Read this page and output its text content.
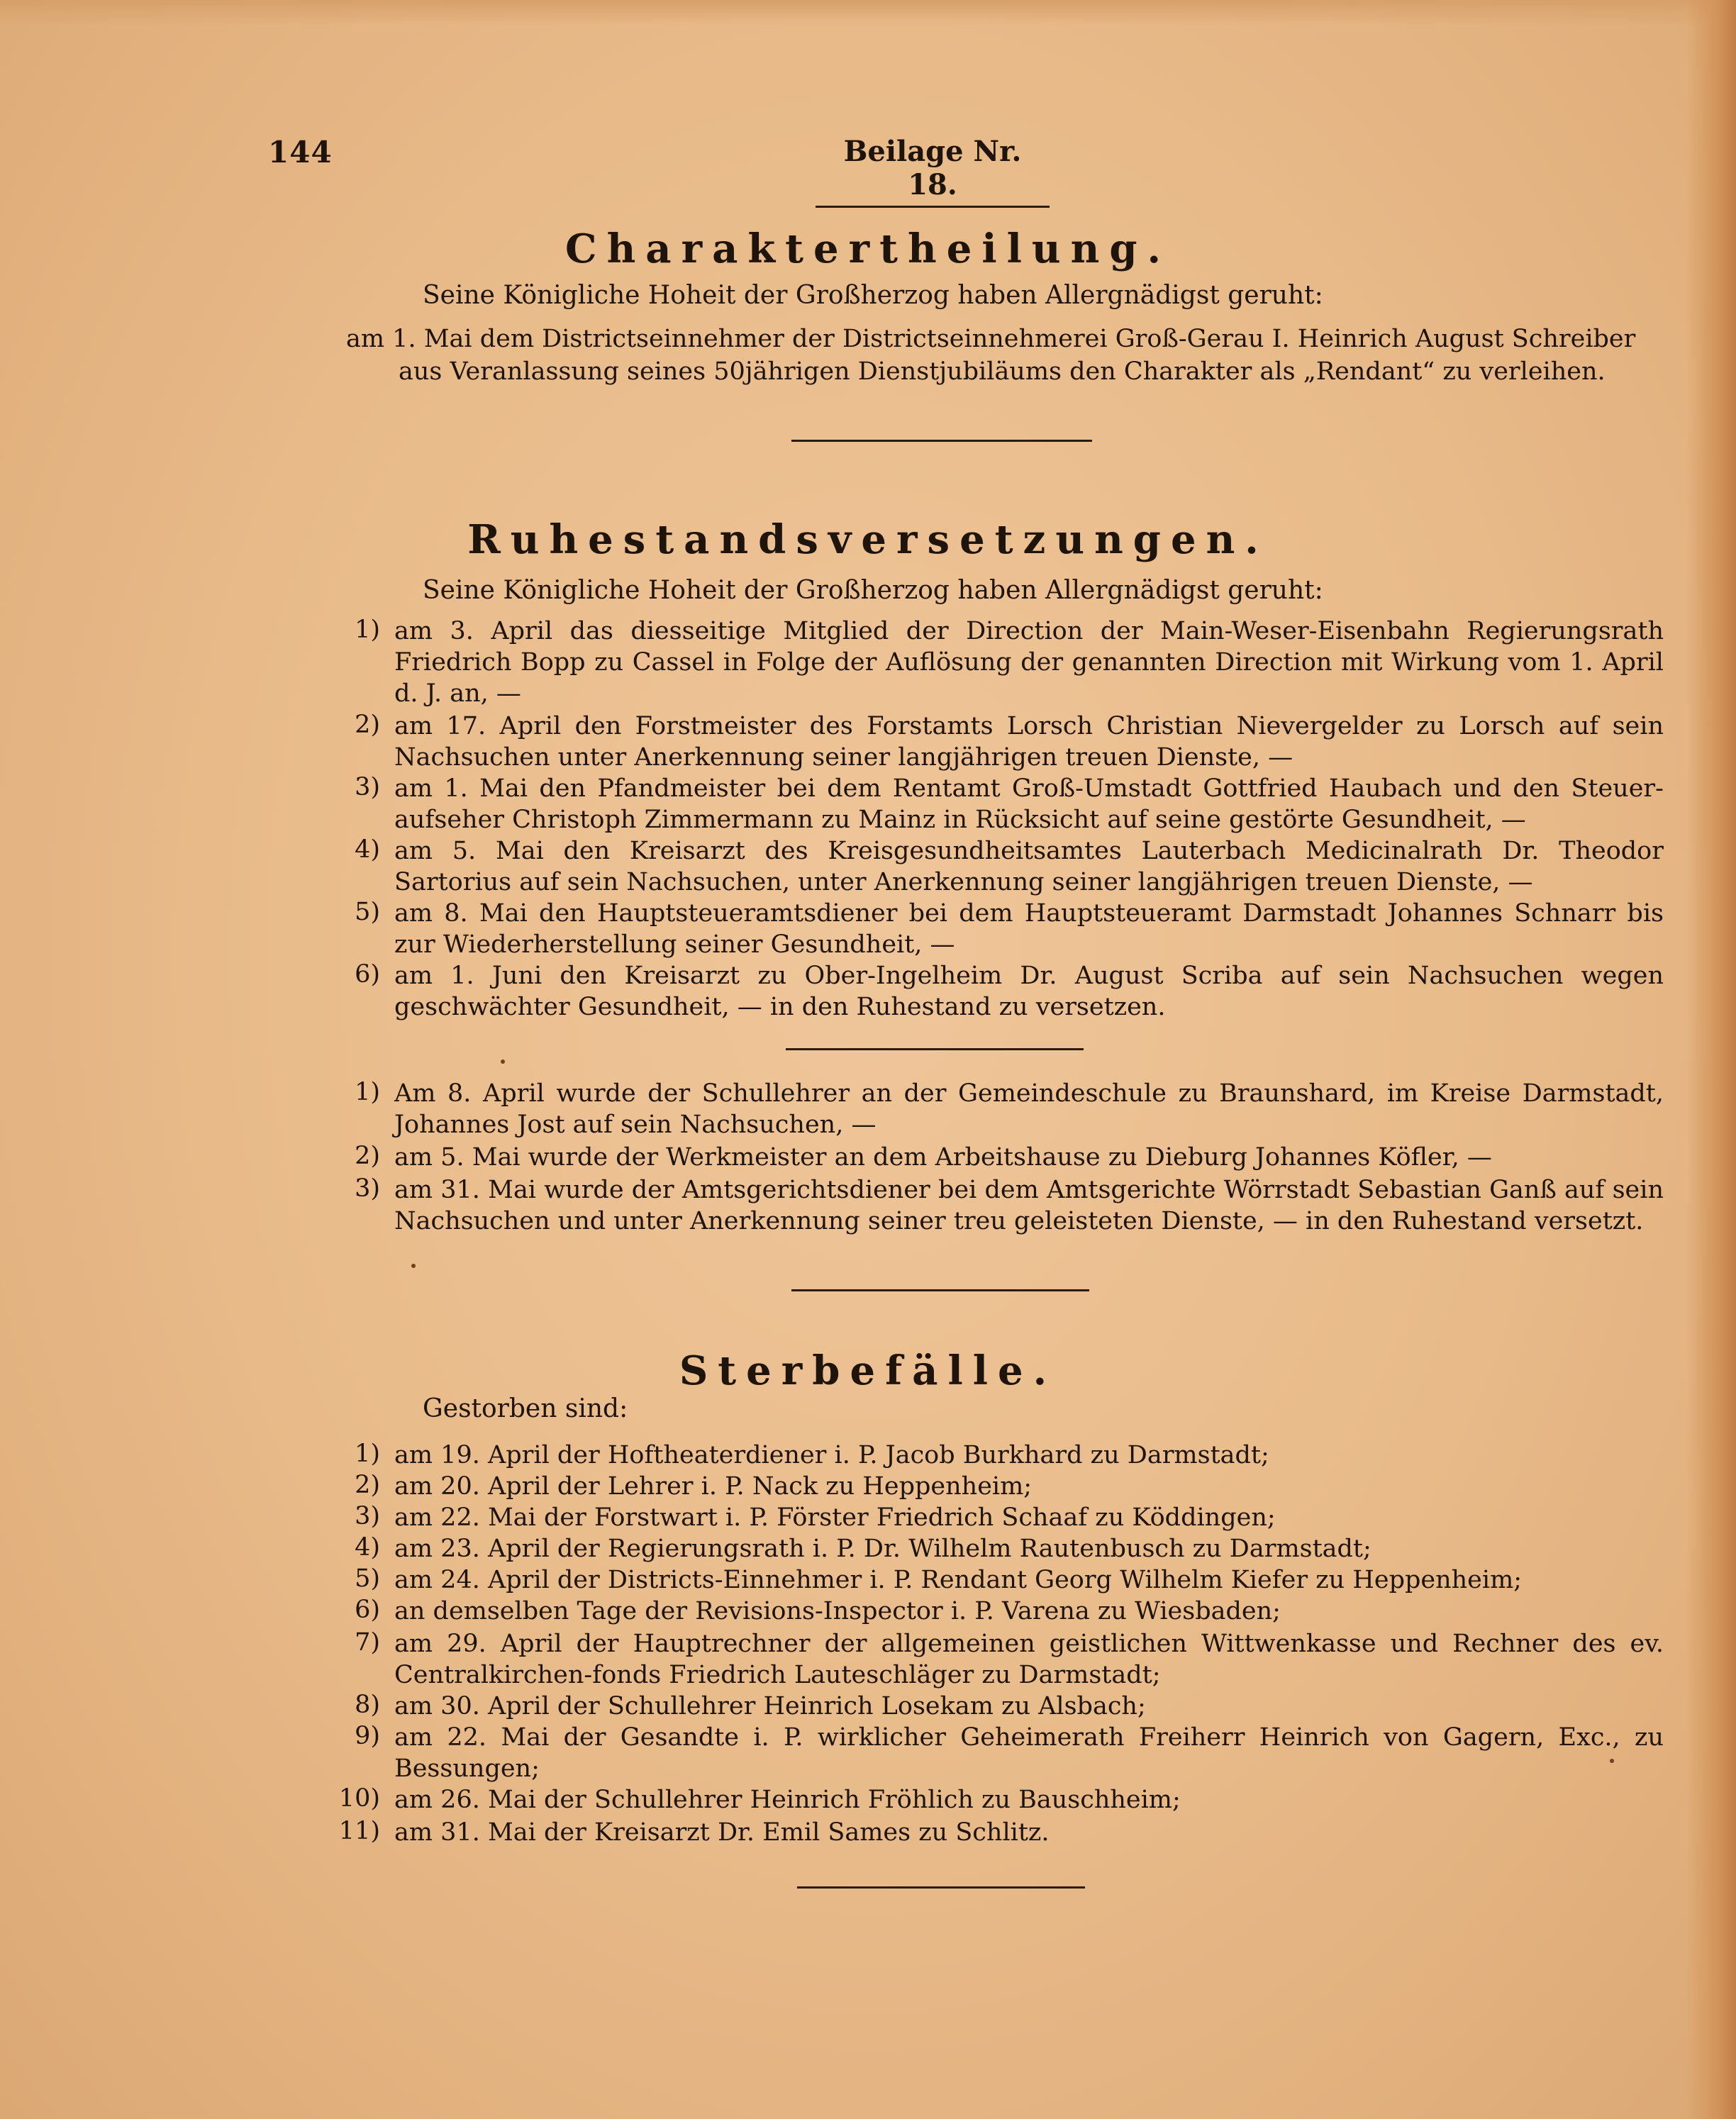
144	Beilage Nr. 18.
Charaktertheilung.
Seine Königliche Hoheit der Großherzog haben Allergnädigst geruht:
am 1. Mai dem Districtseinnehmer der Districtseinnehmerei Groß-Gerau I. Heinrich August Schreiber
aus Veranlassung seines 50jährigen Dienstjubiläums den Charakter als „Rendant“ zu verleihen.
Ruhestandsversetzungen.
Seine Königliche Hoheit der Großherzog haben Allergnädigst geruht:
1) am 3. April das diesseitige Mitglied der Direction der Main-Weser-Eisenbahn Regierungsrath Friedrich Bopp zu Cassel in Folge der Auflösung der genannten Direction mit Wirkung vom 1. April d. J. an, —
2) am 17. April den Forstmeister des Forstamts Lorsch Christian Nievergelder zu Lorsch auf sein Nachsuchen unter Anerkennung seiner langjährigen treuen Dienste, —
3) am 1. Mai den Pfandmeister bei dem Rentamt Groß-Umstadt Gottfried Haubach und den Steuer-aufseher Christoph Zimmermann zu Mainz in Rücksicht auf seine gestörte Gesundheit, —
4) am 5. Mai den Kreisarzt des Kreisgesundheitsamtes Lauterbach Medicinalrath Dr. Theodor Sartorius auf sein Nachsuchen, unter Anerkennung seiner langjährigen treuen Dienste, —
5) am 8. Mai den Hauptsteueramtsdiener bei dem Hauptsteueramt Darmstadt Johannes Schnarr bis zur Wiederherstellung seiner Gesundheit, —
6) am 1. Juni den Kreisarzt zu Ober-Ingelheim Dr. August Scriba auf sein Nachsuchen wegen geschwächter Gesundheit, — in den Ruhestand zu versetzen.
1) Am 8. April wurde der Schullehrer an der Gemeindeschule zu Braunshard, im Kreise Darmstadt, Johannes Jost auf sein Nachsuchen, —
2) am 5. Mai wurde der Werkmeister an dem Arbeitshause zu Dieburg Johannes Köfler, —
3) am 31. Mai wurde der Amtsgerichtsdiener bei dem Amtsgerichte Wörrstadt Sebastian Ganß auf sein Nachsuchen und unter Anerkennung seiner treu geleisteten Dienste, — in den Ruhestand versetzt.
Sterbefälle.
Gestorben sind:
1) am 19. April der Hoftheaterdiener i. P. Jacob Burkhard zu Darmstadt;
2) am 20. April der Lehrer i. P. Nack zu Heppenheim;
3) am 22. Mai der Forstwart i. P. Förster Friedrich Schaaf zu Köddingen;
4) am 23. April der Regierungsrath i. P. Dr. Wilhelm Rautenbusch zu Darmstadt;
5) am 24. April der Districts-Einnehmer i. P. Rendant Georg Wilhelm Kiefer zu Heppenheim;
6) an demselben Tage der Revisions-Inspector i. P. Varena zu Wiesbaden;
7) am 29. April der Hauptrechner der allgemeinen geistlichen Wittwenkasse und Rechner des ev. Centralkirchen-fonds Friedrich Lauteschläger zu Darmstadt;
8) am 30. April der Schullehrer Heinrich Losekam zu Alsbach;
9) am 22. Mai der Gesandte i. P. wirklicher Geheimerath Freiherr Heinrich von Gagern, Exc., zu Bessungen;
10) am 26. Mai der Schullehrer Heinrich Fröhlich zu Bauschheim;
11) am 31. Mai der Kreisarzt Dr. Emil Sames zu Schlitz.
